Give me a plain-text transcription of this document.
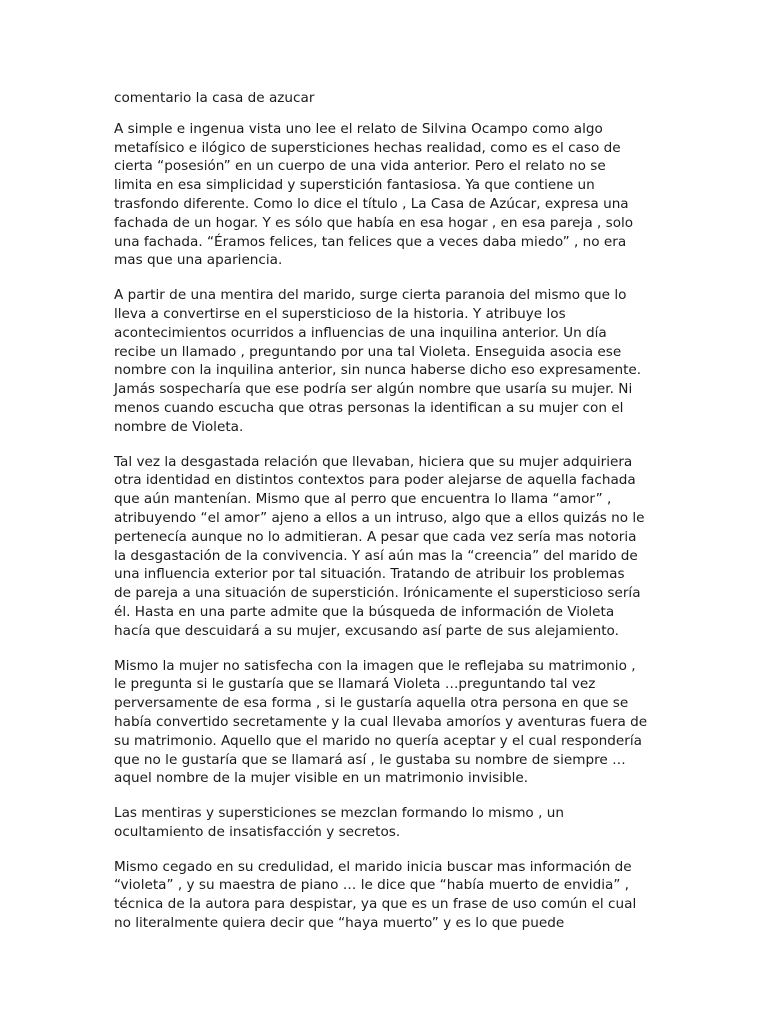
comentario la casa de azucar
A simple e ingenua vista uno lee el relato de Silvina Ocampo como algo
metafísico e ilógico de supersticiones hechas realidad, como es el caso de
cierta “posesión” en un cuerpo de una vida anterior. Pero el relato no se
limita en esa simplicidad y superstición fantasiosa. Ya que contiene un
trasfondo diferente. Como lo dice el título , La Casa de Azúcar, expresa una
fachada de un hogar. Y es sólo que había en esa hogar , en esa pareja , solo
una fachada. “Éramos felices, tan felices que a veces daba miedo” , no era
mas que una apariencia.
A partir de una mentira del marido, surge cierta paranoia del mismo que lo
lleva a convertirse en el supersticioso de la historia. Y atribuye los
acontecimientos ocurridos a influencias de una inquilina anterior. Un día
recibe un llamado , preguntando por una tal Violeta. Enseguida asocia ese
nombre con la inquilina anterior, sin nunca haberse dicho eso expresamente.
Jamás sospecharía que ese podría ser algún nombre que usaría su mujer. Ni
menos cuando escucha que otras personas la identifican a su mujer con el
nombre de Violeta.
Tal vez la desgastada relación que llevaban, hiciera que su mujer adquiriera
otra identidad en distintos contextos para poder alejarse de aquella fachada
que aún mantenían. Mismo que al perro que encuentra lo llama “amor” ,
atribuyendo “el amor” ajeno a ellos a un intruso, algo que a ellos quizás no le
pertenecía aunque no lo admitieran. A pesar que cada vez sería mas notoria
la desgastación de la convivencia. Y así aún mas la “creencia” del marido de
una influencia exterior por tal situación. Tratando de atribuir los problemas
de pareja a una situación de superstición. Irónicamente el supersticioso sería
él. Hasta en una parte admite que la búsqueda de información de Violeta
hacía que descuidará a su mujer, excusando así parte de sus alejamiento.
Mismo la mujer no satisfecha con la imagen que le reflejaba su matrimonio ,
le pregunta si le gustaría que se llamará Violeta …preguntando tal vez
perversamente de esa forma , si le gustaría aquella otra persona en que se
había convertido secretamente y la cual llevaba amoríos y aventuras fuera de
su matrimonio. Aquello que el marido no quería aceptar y el cual respondería
que no le gustaría que se llamará así , le gustaba su nombre de siempre …
aquel nombre de la mujer visible en un matrimonio invisible.
Las mentiras y supersticiones se mezclan formando lo mismo , un
ocultamiento de insatisfacción y secretos.
Mismo cegado en su credulidad, el marido inicia buscar mas información de
“violeta” , y su maestra de piano … le dice que “había muerto de envidia” ,
técnica de la autora para despistar, ya que es un frase de uso común el cual
no literalmente quiera decir que “haya muerto” y es lo que puede
